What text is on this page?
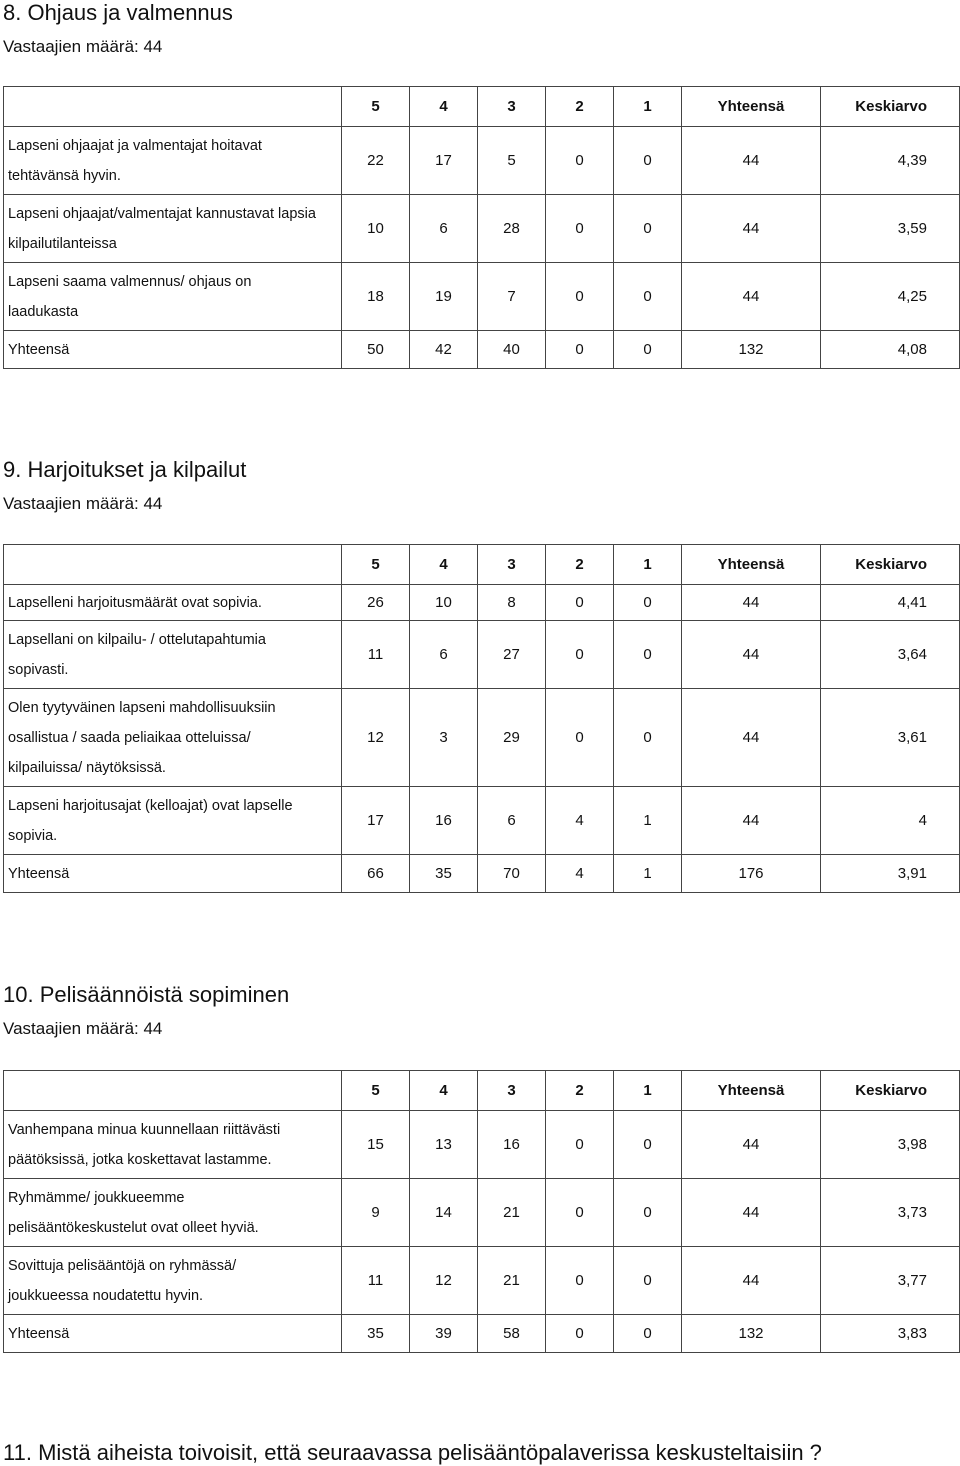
8. Ohjaus ja valmennus
Vastaajien määrä: 44
	5	4	3	2	1	Yhteensä	Keskiarvo
Lapseni ohjaajat ja valmentajat hoitavat
tehtävänsä hyvin.	22	17	5	0	0	44	4,39
Lapseni ohjaajat/valmentajat kannustavat lapsia
kilpailutilanteissa	10	6	28	0	0	44	3,59
Lapseni saama valmennus/ ohjaus on
laadukasta	18	19	7	0	0	44	4,25
Yhteensä	50	42	40	0	0	132	4,08
9. Harjoitukset ja kilpailut
Vastaajien määrä: 44
	5	4	3	2	1	Yhteensä	Keskiarvo
Lapselleni harjoitusmäärät ovat sopivia.	26	10	8	0	0	44	4,41
Lapsellani on kilpailu- / ottelutapahtumia
sopivasti.	11	6	27	0	0	44	3,64
Olen tyytyväinen lapseni mahdollisuuksiin
osallistua / saada peliaikaa otteluissa/
kilpailuissa/ näytöksissä.	12	3	29	0	0	44	3,61
Lapseni harjoitusajat (kelloajat) ovat lapselle
sopivia.	17	16	6	4	1	44	4
Yhteensä	66	35	70	4	1	176	3,91
10. Pelisäännöistä sopiminen
Vastaajien määrä: 44
	5	4	3	2	1	Yhteensä	Keskiarvo
Vanhempana minua kuunnellaan riittävästi
päätöksissä, jotka koskettavat lastamme.	15	13	16	0	0	44	3,98
Ryhmämme/ joukkueemme
pelisääntökeskustelut ovat olleet hyviä.	9	14	21	0	0	44	3,73
Sovittuja pelisääntöjä on ryhmässä/
joukkueessa noudatettu hyvin.	11	12	21	0	0	44	3,77
Yhteensä	35	39	58	0	0	132	3,83
11. Mistä aiheista toivoisit, että seuraavassa pelisääntöpalaverissa keskusteltaisiin ?
